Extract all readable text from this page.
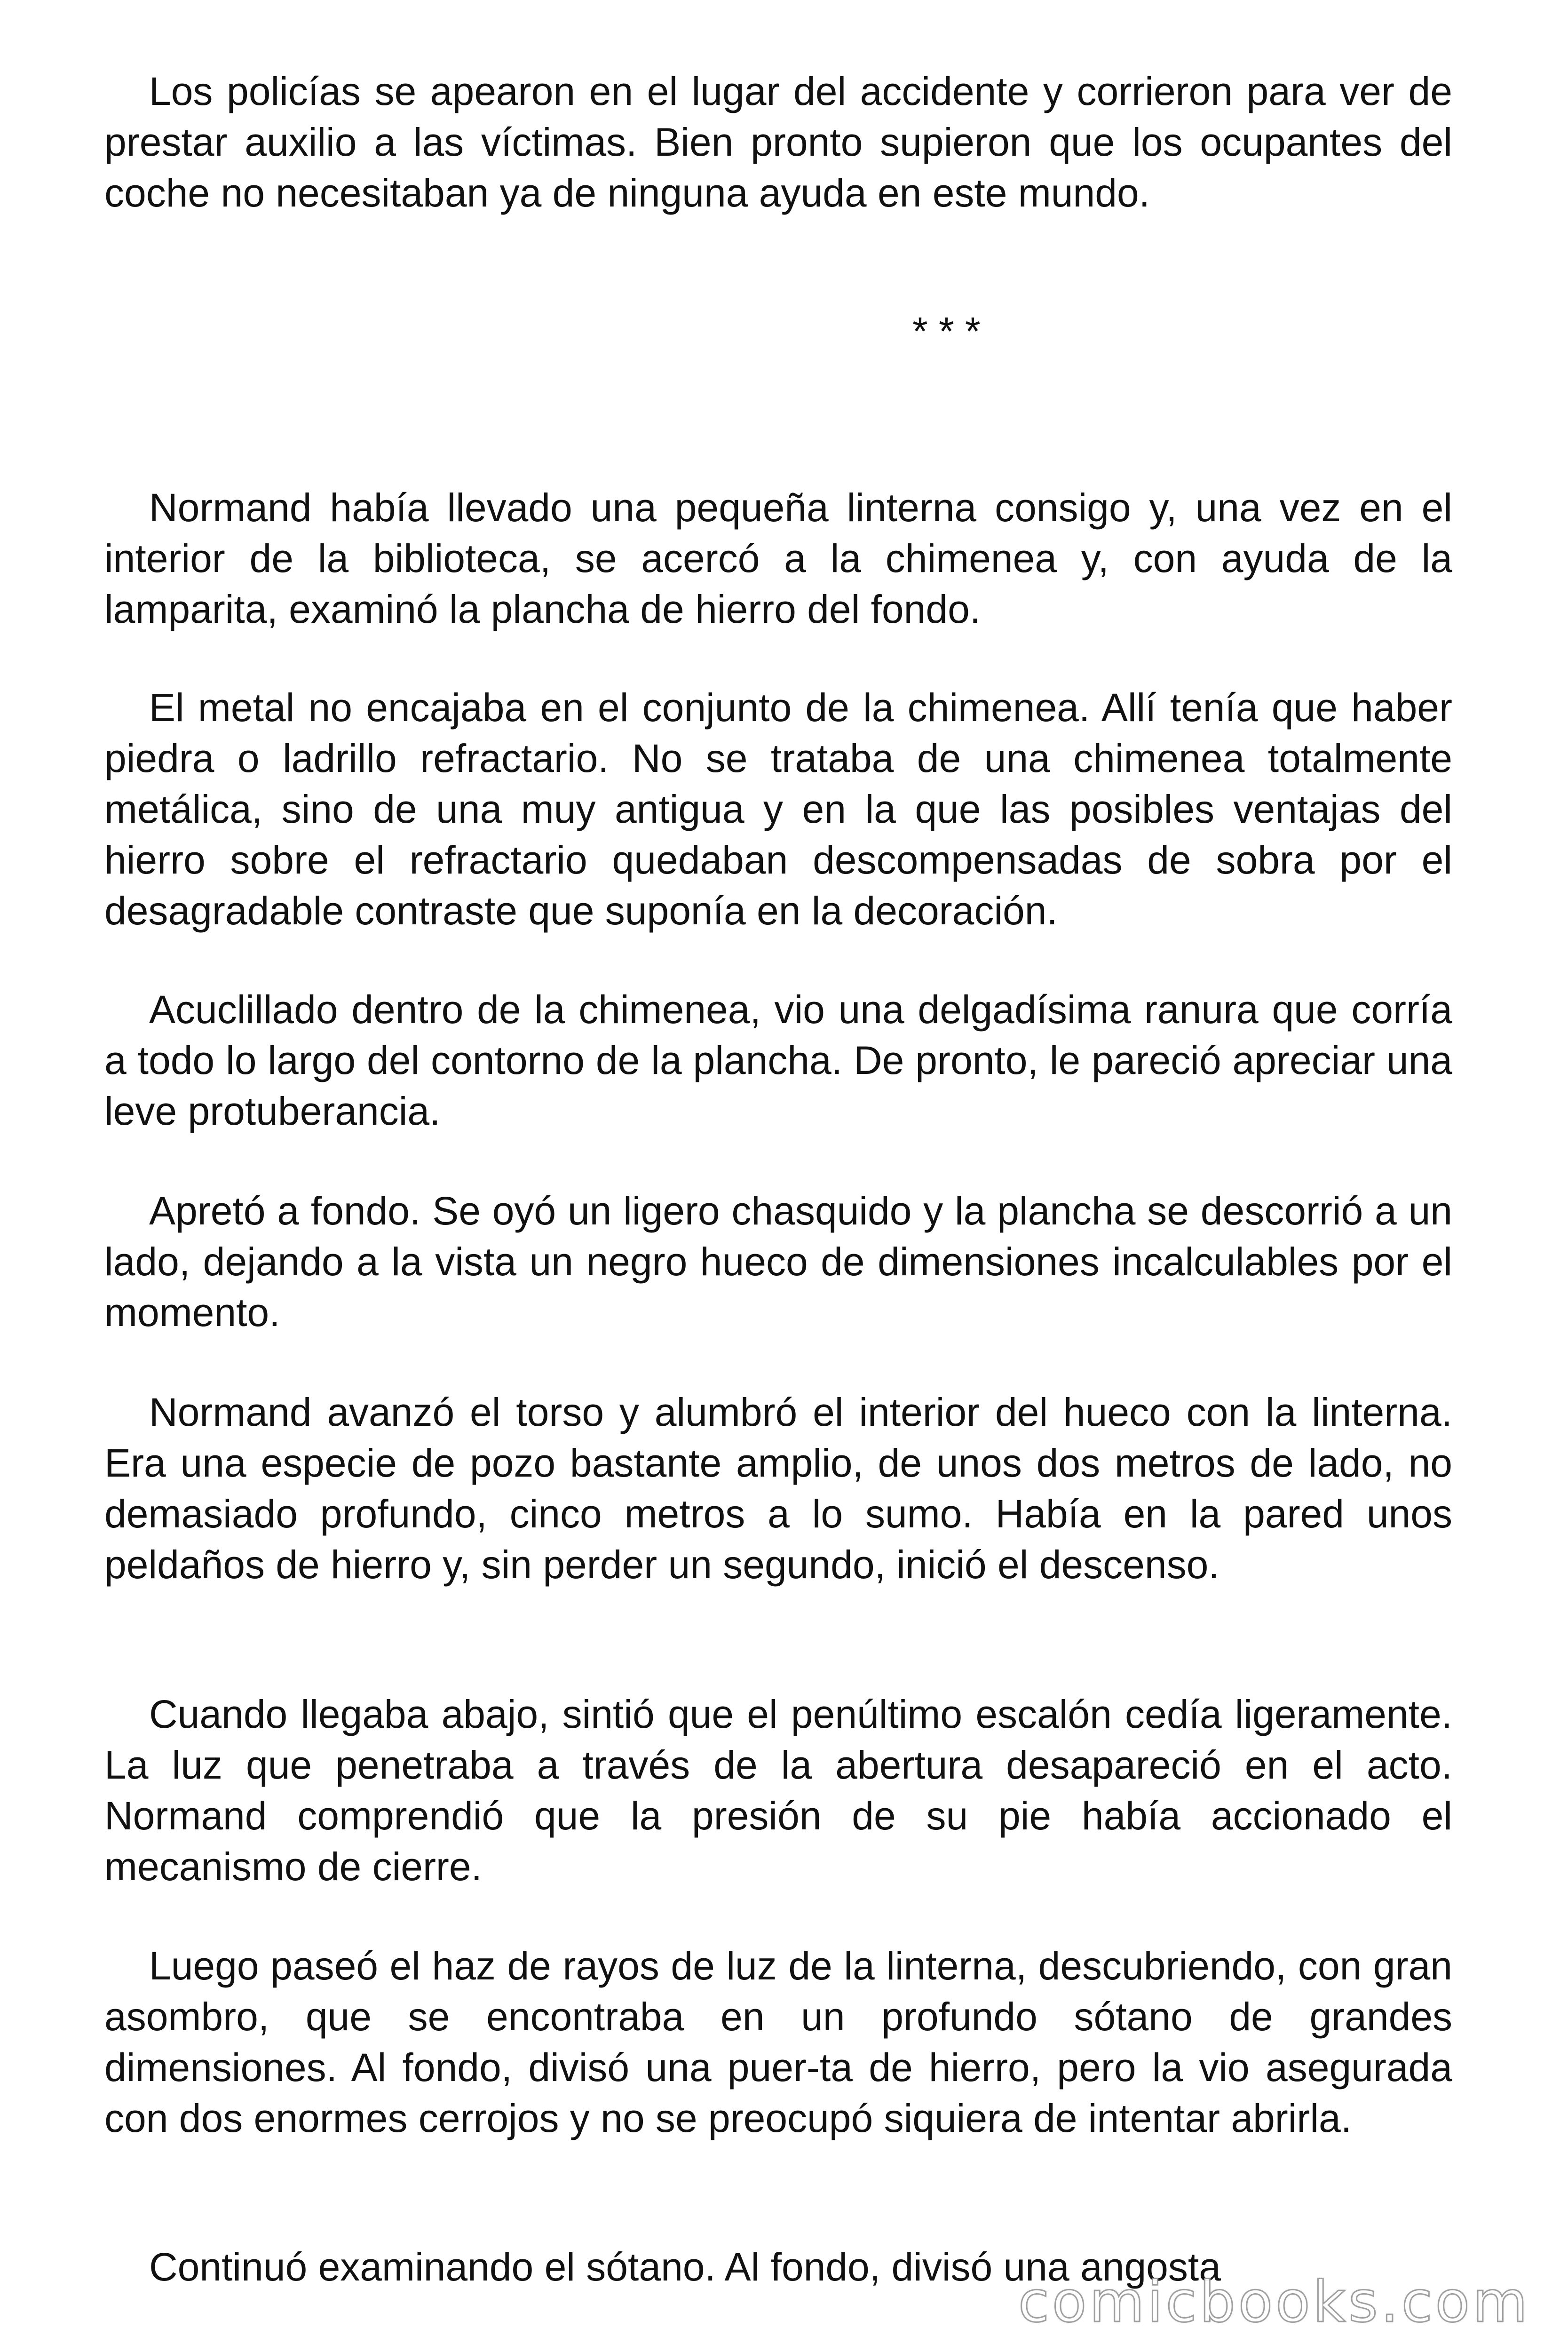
Los policías se apearon en el lugar del accidente y corrieron para ver de prestar auxilio a las víctimas. Bien pronto supieron que los ocupantes del coche no necesitaban ya de ninguna ayuda en este mundo.

* * *

Normand había llevado una pequeña linterna consigo y, una vez en el interior de la biblioteca, se acercó a la chimenea y, con ayuda de la lamparita, examinó la plancha de hierro del fondo.

El metal no encajaba en el conjunto de la chimenea. Allí tenía que haber piedra o ladrillo refractario. No se trataba de una chimenea totalmente metálica, sino de una muy antigua y en la que las posibles ventajas del hierro sobre el refractario quedaban descompensadas de sobra por el desagradable contraste que suponía en la decoración.

Acuclillado dentro de la chimenea, vio una delgadísima ranura que corría a todo lo largo del contorno de la plancha. De pronto, le pareció apreciar una leve protuberancia.

Apretó a fondo. Se oyó un ligero chasquido y la plancha se descorrió a un lado, dejando a la vista un negro hueco de dimensiones incalculables por el momento.

Normand avanzó el torso y alumbró el interior del hueco con la linterna. Era una especie de pozo bastante amplio, de unos dos metros de lado, no demasiado profundo, cinco metros a lo sumo. Había en la pared unos peldaños de hierro y, sin perder un segundo, inició el descenso.

Cuando llegaba abajo, sintió que el penúltimo escalón cedía ligeramente. La luz que penetraba a través de la abertura desapareció en el acto. Normand comprendió que la presión de su pie había accionado el mecanismo de cierre.

Luego paseó el haz de rayos de luz de la linterna, descubriendo, con gran asombro, que se encontraba en un profundo sótano de grandes dimensiones. Al fondo, divisó una puer-ta de hierro, pero la vio asegurada con dos enormes cerrojos y no se preocupó siquiera de intentar abrirla.

Continuó examinando el sótano. Al fondo, divisó una angosta

comicbooks.com
